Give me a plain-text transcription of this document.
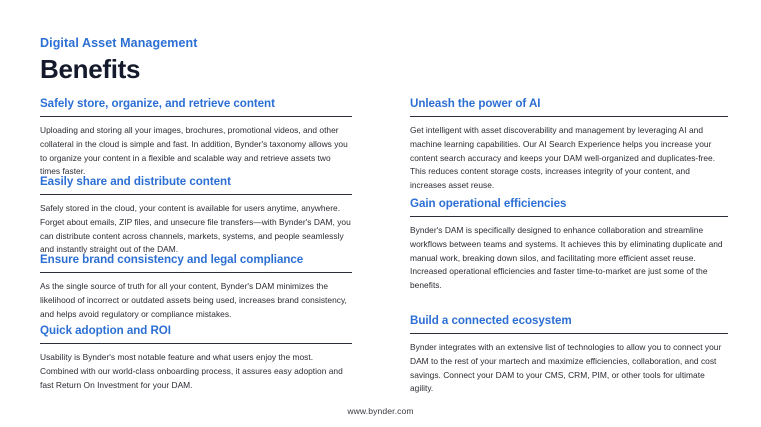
Digital Asset Management
Benefits
Safely store, organize, and retrieve content

Uploading and storing all your images, brochures, promotional videos, and other collateral in the cloud is simple and fast. In addition, Bynder's taxonomy allows you to organize your content in a flexible and scalable way and retrieve assets two times faster.

Easily share and distribute content

Safely stored in the cloud, your content is available for users anytime, anywhere. Forget about emails, ZIP files, and unsecure file transfers—with Bynder's DAM, you can distribute content across channels, markets, systems, and people seamlessly and instantly straight out of the DAM.

Ensure brand consistency and legal compliance

As the single source of truth for all your content, Bynder's DAM minimizes the likelihood of incorrect or outdated assets being used, increases brand consistency, and helps avoid regulatory or compliance mistakes.

Quick adoption and ROI

Usability is Bynder's most notable feature and what users enjoy the most. Combined with our world-class onboarding process, it assures easy adoption and fast Return On Investment for your DAM.

Unleash the power of AI

Get intelligent with asset discoverability and management by leveraging AI and machine learning capabilities. Our AI Search Experience helps you increase your content search accuracy and keeps your DAM well-organized and duplicates-free. This reduces content storage costs, increases integrity of your content, and increases asset reuse.

Gain operational efficiencies

Bynder's DAM is specifically designed to enhance collaboration and streamline workflows between teams and systems. It achieves this by eliminating duplicate and manual work, breaking down silos, and facilitating more efficient asset reuse. Increased operational efficiencies and faster time-to-market are just some of the benefits.

Build a connected ecosystem

Bynder integrates with an extensive list of technologies to allow you to connect your DAM to the rest of your martech and maximize efficiencies, collaboration, and cost savings. Connect your DAM to your CMS, CRM, PIM, or other tools for ultimate agility.

www.bynder.com
